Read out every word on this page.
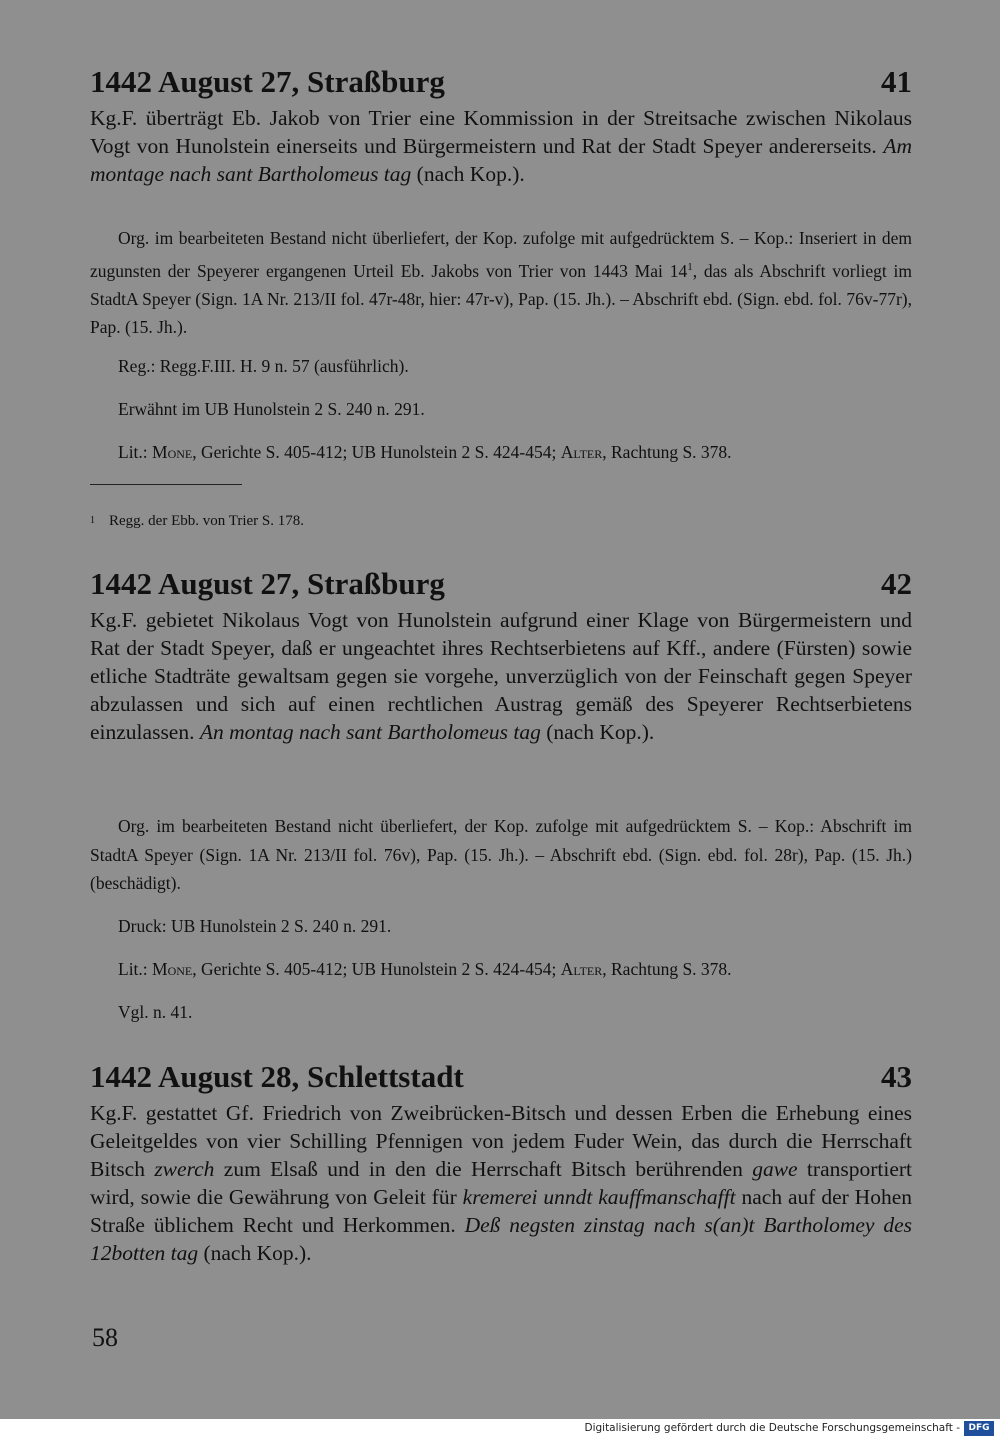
1442 August 27, Straßburg	41
Kg.F. überträgt Eb. Jakob von Trier eine Kommission in der Streitsache zwischen Nikolaus Vogt von Hunolstein einerseits und Bürgermeistern und Rat der Stadt Speyer andererseits. Am montage nach sant Bartholomeus tag (nach Kop.).
Org. im bearbeiteten Bestand nicht überliefert, der Kop. zufolge mit aufgedrücktem S. – Kop.: Inseriert in dem zugunsten der Speyerer ergangenen Urteil Eb. Jakobs von Trier von 1443 Mai $14^1$, das als Abschrift vorliegt im StadtA Speyer (Sign. 1A Nr. 213/II fol. 47r-48r, hier: 47r-v), Pap. (15. Jh.). – Abschrift ebd. (Sign. ebd. fol. 76v-77r), Pap. (15. Jh.).
Reg.: Regg.F.III. H. 9 n. 57 (ausführlich).
Erwähnt im UB Hunolstein 2 S. 240 n. 291.
Lit.: Mone, Gerichte S. 405-412; UB Hunolstein 2 S. 424-454; Alter, Rachtung S. 378.
$^1$ Regg. der Ebb. von Trier S. 178.
1442 August 27, Straßburg	42
Kg.F. gebietet Nikolaus Vogt von Hunolstein aufgrund einer Klage von Bürgermeistern und Rat der Stadt Speyer, daß er ungeachtet ihres Rechtserbietens auf Kff., andere (Fürsten) sowie etliche Stadträte gewaltsam gegen sie vorgehe, unverzüglich von der Feinschaft gegen Speyer abzulassen und sich auf einen rechtlichen Austrag gemäß des Speyerer Rechtserbietens einzulassen. An montag nach sant Bartholomeus tag (nach Kop.).
Org. im bearbeiteten Bestand nicht überliefert, der Kop. zufolge mit aufgedrücktem S. – Kop.: Abschrift im StadtA Speyer (Sign. 1A Nr. 213/II fol. 76v), Pap. (15. Jh.). – Abschrift ebd. (Sign. ebd. fol. 28r), Pap. (15. Jh.) (beschädigt).
Druck: UB Hunolstein 2 S. 240 n. 291.
Lit.: Mone, Gerichte S. 405-412; UB Hunolstein 2 S. 424-454; Alter, Rachtung S. 378.
Vgl. n. 41.
1442 August 28, Schlettstadt	43
Kg.F. gestattet Gf. Friedrich von Zweibrücken-Bitsch und dessen Erben die Erhebung eines Geleitgeldes von vier Schilling Pfennigen von jedem Fuder Wein, das durch die Herrschaft Bitsch zwerch zum Elsaß und in den die Herrschaft Bitsch berührenden gawe transportiert wird, sowie die Gewährung von Geleit für kremerei unndt kauffmanschafft nach auf der Hohen Straße üblichem Recht und Herkommen. Deß negsten zinstag nach s(an)t Bartholomey des 12botten tag (nach Kop.).
58
Digitalisierung gefördert durch die Deutsche Forschungsgemeinschaft - DFG
